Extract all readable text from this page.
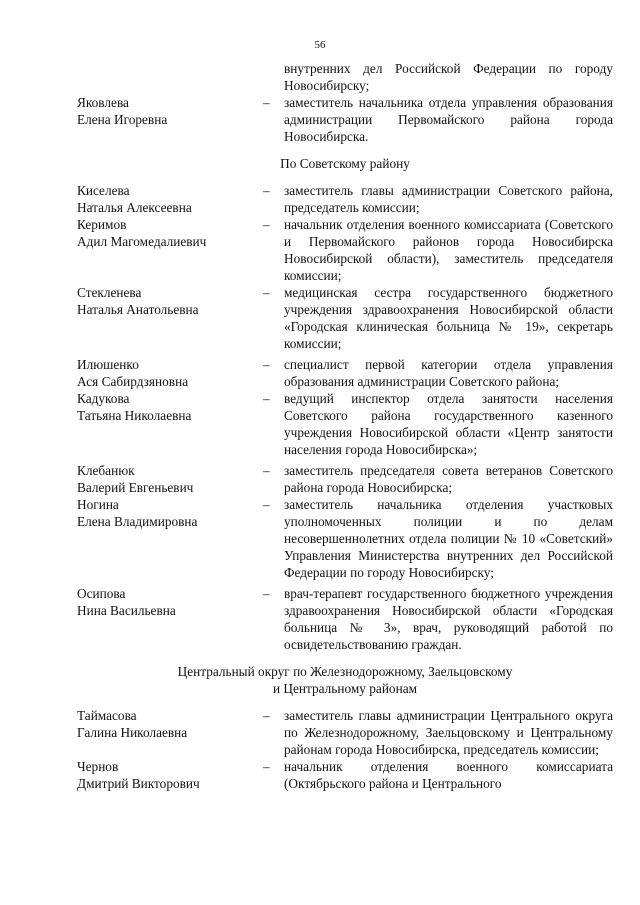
56
внутренних дел Российской Федерации по городу Новосибирску;
Яковлева
Елена Игоревна
–	заместитель начальника отдела управления образования администрации Первомайского района города Новосибирска.
По Советскому району
Киселева
Наталья Алексеевна
–	заместитель главы администрации Советского района, председатель комиссии;
Керимов
Адил Магомедалиевич
–	начальник отделения военного комиссариата (Советского и Первомайского районов города Новосибирска Новосибирской области), заместитель председателя комиссии;
Стекленева
Наталья Анатольевна
–	медицинская сестра государственного бюджетного учреждения здравоохранения Новосибирской области «Городская клиническая больница № 19», секретарь комиссии;
Илюшенко
Ася Сабирдзяновна
–	специалист первой категории отдела управления образования администрации Советского района;
Кадукова
Татьяна Николаевна
–	ведущий инспектор отдела занятости населения Советского района государственного казенного учреждения Новосибирской области «Центр занятости населения города Новосибирска»;
Клебанюк
Валерий Евгеньевич
–	заместитель председателя совета ветеранов Советского района города Новосибирска;
Ногина
Елена Владимировна
–	заместитель начальника отделения участковых уполномоченных полиции и по делам несовершеннолетних отдела полиции № 10 «Советский» Управления Министерства внутренних дел Российской Федерации по городу Новосибирску;
Осипова
Нина Васильевна
–	врач-терапевт государственного бюджетного учреждения здравоохранения Новосибирской области «Городская больница № 3», врач, руководящий работой по освидетельствованию граждан.
Центральный округ по Железнодорожному, Заельцовскому
и Центральному районам
Таймасова
Галина Николаевна
–	заместитель главы администрации Центрального округа по Железнодорожному, Заельцовскому и Центральному районам города Новосибирска, председатель комиссии;
Чернов
Дмитрий Викторович
–	начальник отделения военного комиссариата (Октябрьского района и Центрального
